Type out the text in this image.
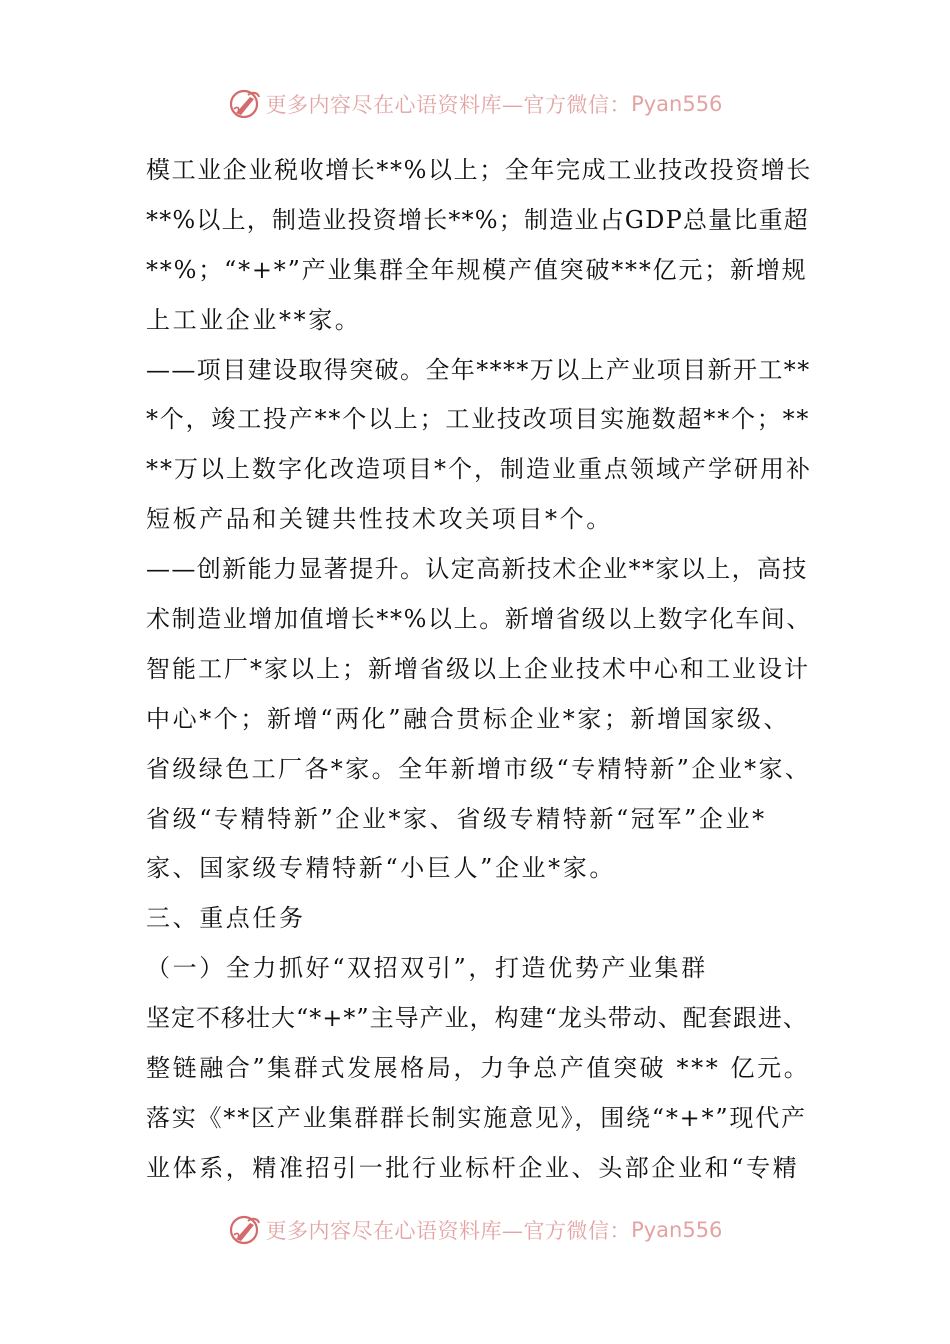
更多内容尽在心语资料库—官方微信： Pyan556
模工业企业税收增长**%以上；全年完成工业技改投资增长
**%以上，制造业投资增长**%；制造业占GDP总量比重超
**%；“*+*”产业集群全年规模产值突破***亿元；新增规
上工业企业**家。
——项目建设取得突破。全年****万以上产业项目新开工**
*个，竣工投产**个以上；工业技改项目实施数超**个；**
**万以上数字化改造项目*个，制造业重点领域产学研用补
短板产品和关键共性技术攻关项目*个。
——创新能力显著提升。认定高新技术企业**家以上，高技
术制造业增加值增长**%以上。新增省级以上数字化车间、
智能工厂*家以上；新增省级以上企业技术中心和工业设计
中心*个；新增“两化”融合贯标企业*家；新增国家级、
省级绿色工厂各*家。全年新增市级“专精特新”企业*家、
省级“专精特新”企业*家、省级专精特新“冠军”企业*
家、国家级专精特新“小巨人”企业*家。
三、重点任务
（一）全力抓好“双招双引”，打造优势产业集群
坚定不移壮大“*+*”主导产业，构建“龙头带动、配套跟进、
整链融合”集群式发展格局，力争总产值突破 *** 亿元。
落实《**区产业集群群长制实施意见》，围绕“*+*”现代产
业体系，精准招引一批行业标杆企业、头部企业和“专精
更多内容尽在心语资料库—官方微信： Pyan556
